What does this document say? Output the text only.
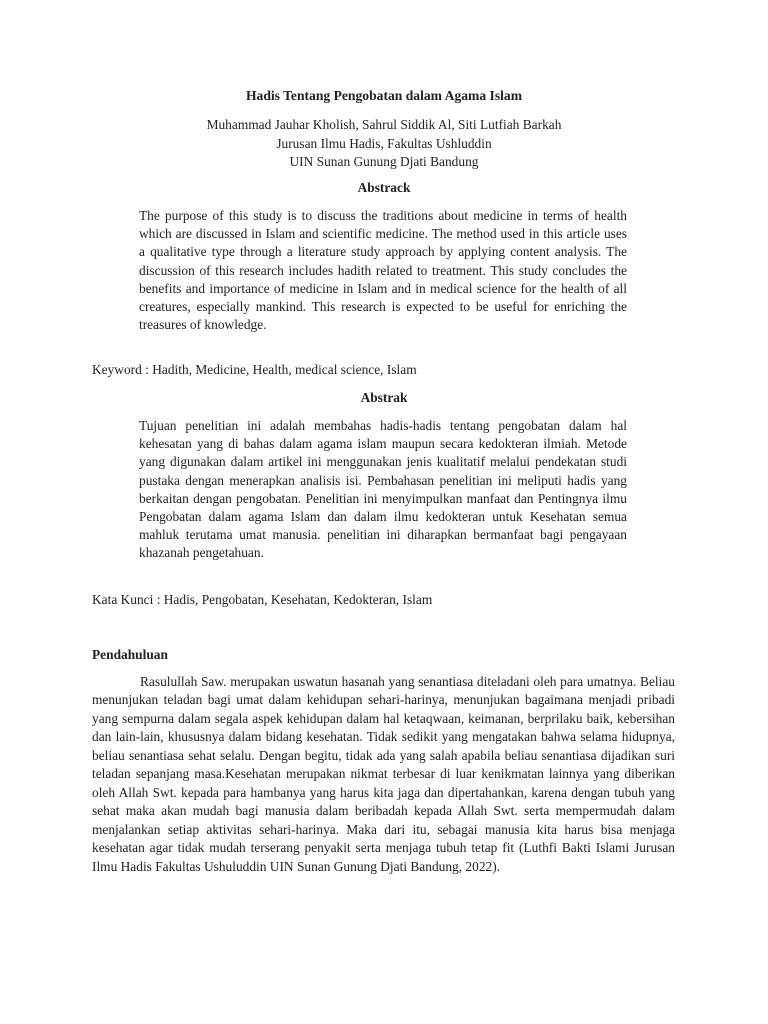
Hadis Tentang Pengobatan dalam Agama Islam
Muhammad Jauhar Kholish, Sahrul Siddik Al, Siti Lutfiah Barkah
Jurusan Ilmu Hadis, Fakultas Ushluddin
UIN Sunan Gunung Djati Bandung
Abstrack
The purpose of this study is to discuss the traditions about medicine in terms of health which are discussed in Islam and scientific medicine. The method used in this article uses a qualitative type through a literature study approach by applying content analysis. The discussion of this research includes hadith related to treatment. This study concludes the benefits and importance of medicine in Islam and in medical science for the health of all creatures, especially mankind. This research is expected to be useful for enriching the treasures of knowledge.
Keyword : Hadith, Medicine, Health, medical science, Islam
Abstrak
Tujuan penelitian ini adalah membahas hadis-hadis tentang pengobatan dalam hal kehesatan yang di bahas dalam agama islam maupun secara kedokteran ilmiah. Metode yang digunakan dalam artikel ini menggunakan jenis kualitatif melalui pendekatan studi pustaka dengan menerapkan analisis isi. Pembahasan penelitian ini meliputi hadis yang berkaitan dengan pengobatan. Penelitian ini menyimpulkan manfaat dan Pentingnya ilmu Pengobatan dalam agama Islam dan dalam ilmu kedokteran untuk Kesehatan semua mahluk terutama umat manusia. penelitian ini diharapkan bermanfaat bagi pengayaan khazanah pengetahuan.
Kata Kunci : Hadis, Pengobatan, Kesehatan, Kedokteran, Islam
Pendahuluan
Rasulullah Saw. merupakan uswatun hasanah yang senantiasa diteladani oleh para umatnya. Beliau menunjukan teladan bagi umat dalam kehidupan sehari-harinya, menunjukan bagaimana menjadi pribadi yang sempurna dalam segala aspek kehidupan dalam hal ketaqwaan, keimanan, berprilaku baik, kebersihan dan lain-lain, khususnya dalam bidang kesehatan. Tidak sedikit yang mengatakan bahwa selama hidupnya, beliau senantiasa sehat selalu. Dengan begitu, tidak ada yang salah apabila beliau senantiasa dijadikan suri teladan sepanjang masa.Kesehatan merupakan nikmat terbesar di luar kenikmatan lainnya yang diberikan oleh Allah Swt. kepada para hambanya yang harus kita jaga dan dipertahankan, karena dengan tubuh yang sehat maka akan mudah bagi manusia dalam beribadah kepada Allah Swt. serta mempermudah dalam menjalankan setiap aktivitas sehari-harinya. Maka dari itu, sebagai manusia kita harus bisa menjaga kesehatan agar tidak mudah terserang penyakit serta menjaga tubuh tetap fit (Luthfi Bakti Islami Jurusan Ilmu Hadis Fakultas Ushuluddin UIN Sunan Gunung Djati Bandung, 2022).
